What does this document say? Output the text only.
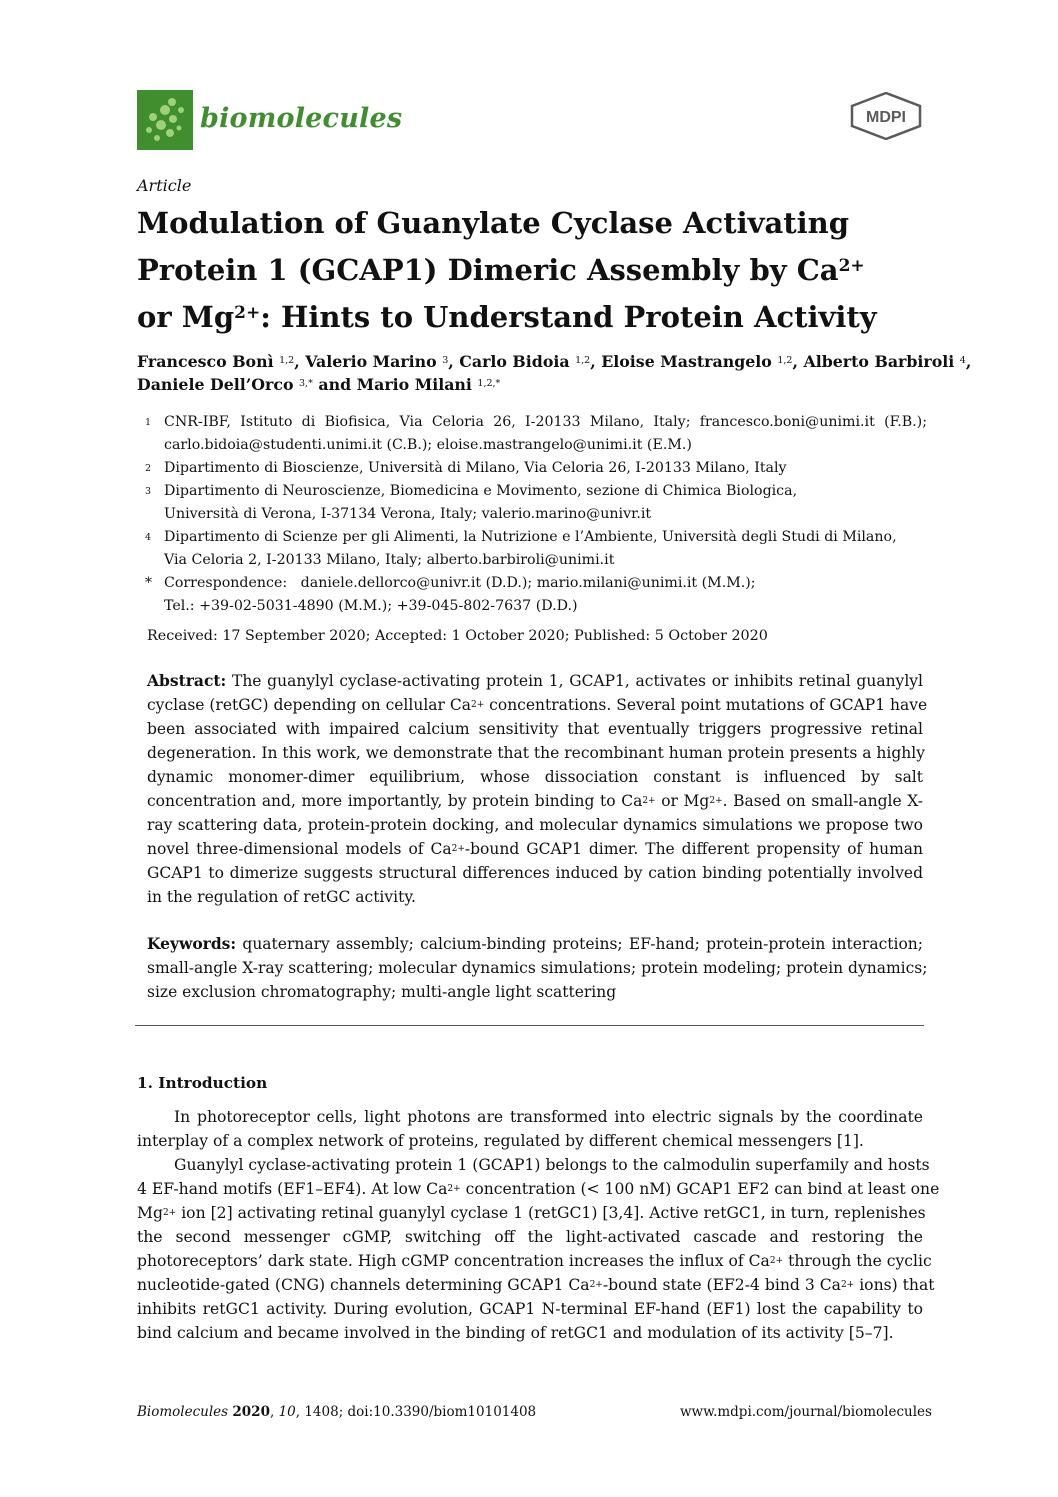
biomolecules	MDPI
Article
Modulation of Guanylate Cyclase Activating
Protein 1 (GCAP1) Dimeric Assembly by $Ca^{2+}$
or $Mg^{2+}$: Hints to Understand Protein Activity
Francesco Bonì $^{1,2}$, Valerio Marino $^3$, Carlo Bidoia $^{1,2}$, Eloise Mastrangelo $^{1,2}$, Alberto Barbiroli $^4$,
Daniele Dell’Orco $^{3,*}$ and Mario Milani $^{1,2,*}$
1 CNR-IBF, Istituto di Biofisica, Via Celoria 26, I-20133 Milano, Italy; francesco.boni@unimi.it (F.B.);
carlo.bidoia@studenti.unimi.it (C.B.); eloise.mastrangelo@unimi.it (E.M.)
2 Dipartimento di Bioscienze, Università di Milano, Via Celoria 26, I-20133 Milano, Italy
3 Dipartimento di Neuroscienze, Biomedicina e Movimento, sezione di Chimica Biologica,
Università di Verona, I-37134 Verona, Italy; valerio.marino@univr.it
4 Dipartimento di Scienze per gli Alimenti, la Nutrizione e l’Ambiente, Università degli Studi di Milano,
Via Celoria 2, I-20133 Milano, Italy; alberto.barbiroli@unimi.it
* Correspondence:   daniele.dellorco@univr.it (D.D.); mario.milani@unimi.it (M.M.);
Tel.: +39-02-5031-4890 (M.M.); +39-045-802-7637 (D.D.)
Received: 17 September 2020; Accepted: 1 October 2020; Published: 5 October 2020
Abstract: The guanylyl cyclase-activating protein 1, GCAP1, activates or inhibits retinal guanylyl
cyclase (retGC) depending on cellular $Ca^{2+}$ concentrations. Several point mutations of GCAP1 have
been associated with impaired calcium sensitivity that eventually triggers progressive retinal
degeneration. In this work, we demonstrate that the recombinant human protein presents a highly
dynamic monomer-dimer equilibrium, whose dissociation constant is influenced by salt
concentration and, more importantly, by protein binding to $Ca^{2+}$ or $Mg^{2+}$. Based on small-angle X-
ray scattering data, protein-protein docking, and molecular dynamics simulations we propose two
novel three-dimensional models of $Ca^{2+}$-bound GCAP1 dimer. The different propensity of human
GCAP1 to dimerize suggests structural differences induced by cation binding potentially involved
in the regulation of retGC activity.
Keywords: quaternary assembly; calcium-binding proteins; EF-hand; protein-protein interaction;
small-angle X-ray scattering; molecular dynamics simulations; protein modeling; protein dynamics;
size exclusion chromatography; multi-angle light scattering
1. Introduction
In photoreceptor cells, light photons are transformed into electric signals by the coordinate
interplay of a complex network of proteins, regulated by different chemical messengers [1].
Guanylyl cyclase-activating protein 1 (GCAP1) belongs to the calmodulin superfamily and hosts
4 EF-hand motifs (EF1–EF4). At low $Ca^{2+}$ concentration (< 100 nM) GCAP1 EF2 can bind at least one
$Mg^{2+}$ ion [2] activating retinal guanylyl cyclase 1 (retGC1) [3,4]. Active retGC1, in turn, replenishes
the second messenger cGMP, switching off the light-activated cascade and restoring the
photoreceptors’ dark state. High cGMP concentration increases the influx of $Ca^{2+}$ through the cyclic
nucleotide-gated (CNG) channels determining GCAP1 $Ca^{2+}$-bound state (EF2-4 bind 3 $Ca^{2+}$ ions) that
inhibits retGC1 activity. During evolution, GCAP1 N-terminal EF-hand (EF1) lost the capability to
bind calcium and became involved in the binding of retGC1 and modulation of its activity [5–7].
Biomolecules 2020, 10, 1408; doi:10.3390/biom10101408	www.mdpi.com/journal/biomolecules
